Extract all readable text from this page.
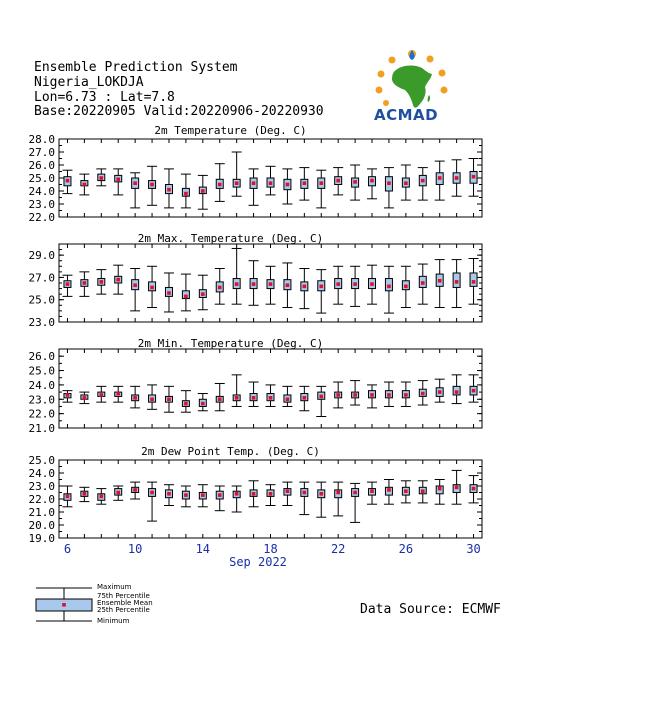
Ensemble Prediction System
Nigeria_LOKDJA
Lon=6.73 : Lat=7.8
Base:20220905 Valid:20220906-20220930	ACMAD
2m Temperature (Deg. C)
22.0
23.0
24.0
25.0
26.0
27.0
28.0
2m Max. Temperature (Deg. C)
23.0
25.0
27.0
29.0
2m Min. Temperature (Deg. C)
21.0
22.0
23.0
24.0
25.0
26.0
2m Dew Point Temp. (Deg. C)
19.0
20.0
21.0
22.0
23.0
24.0
25.0
6	10	14	18	22	26	30
Sep 2022
Maximum
75th Percentile
Ensemble Mean
25th Percentile
Minimum
Data Source: ECMWF
